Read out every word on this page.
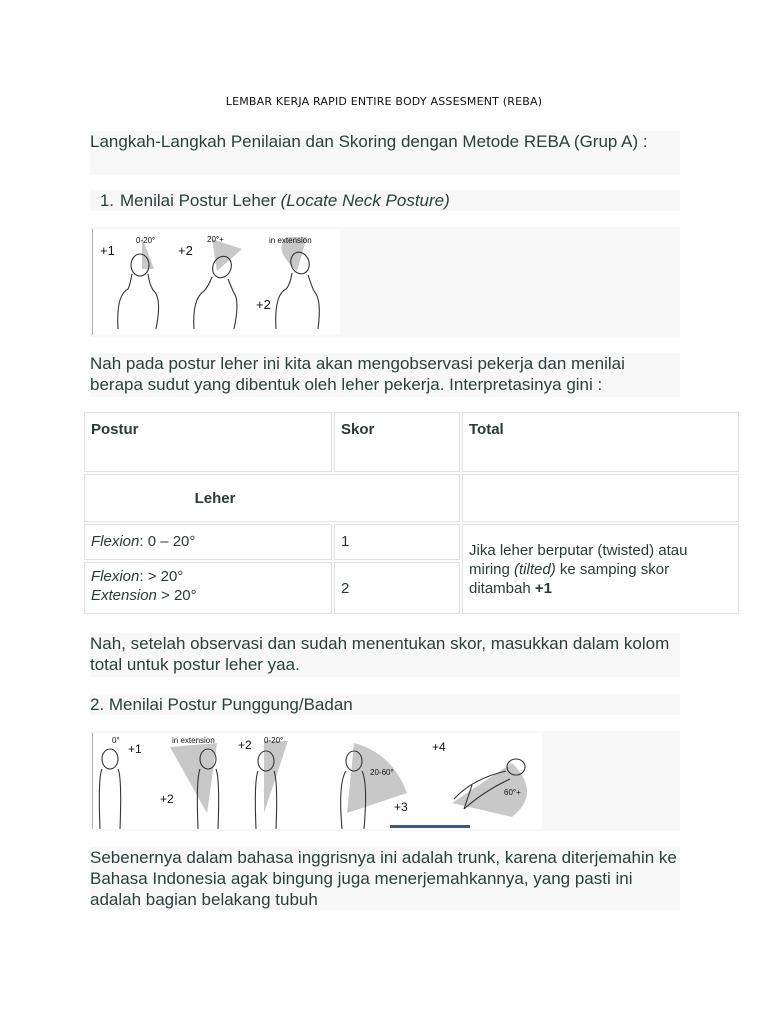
LEMBAR KERJA RAPID ENTIRE BODY ASSESMENT (REBA)
Langkah-Langkah Penilaian dan Skoring dengan Metode REBA (Grup A) :
1. Menilai Postur Leher (Locate Neck Posture)
0-20°
+1
20°+
+2
in extension
+2
Nah pada postur leher ini kita akan mengobservasi pekerja dan menilai berapa sudut yang dibentuk oleh leher pekerja. Interpretasinya gini :
Postur	Skor	Total
Leher		
Flexion: 0 – 20°	1	Jika leher berputar (twisted) atau miring (tilted) ke samping skor ditambah +1

Flexion: > 20°
Extension > 20°	2	
Nah, setelah observasi dan sudah menentukan skor, masukkan dalam kolom total untuk postur leher yaa.
2. Menilai Postur Punggung/Badan
0°
+1
in extension
+2
+2 0-20°
20-60°
+3
+4
60°+
Sebenernya dalam bahasa inggrisnya ini adalah trunk, karena diterjemahin ke Bahasa Indonesia agak bingung juga menerjemahkannya, yang pasti ini adalah bagian belakang tubuh
